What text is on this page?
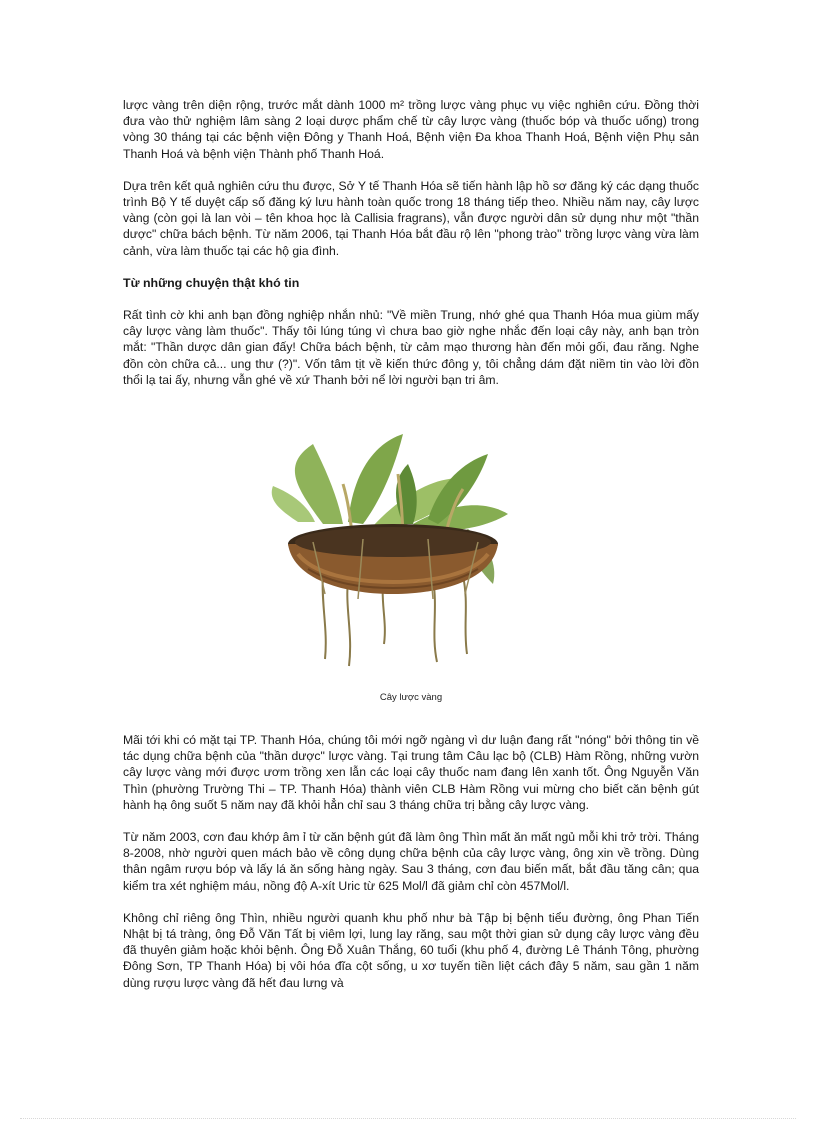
lược vàng trên diện rộng, trước mắt dành 1000 m² trồng lược vàng phục vụ việc nghiên cứu. Đồng thời đưa vào thử nghiệm lâm sàng 2 loại dược phẩm chế từ cây lược vàng (thuốc bóp và thuốc uống) trong vòng 30 tháng tại các bệnh viện Đông y Thanh Hoá, Bệnh viện Đa khoa Thanh Hoá, Bệnh viện Phụ sản Thanh Hoá và bệnh viện Thành phố Thanh Hoá.

Dựa trên kết quả nghiên cứu thu được, Sở Y tế Thanh Hóa sẽ tiến hành lập hồ sơ đăng ký các dạng thuốc trình Bộ Y tế duyệt cấp số đăng ký lưu hành toàn quốc trong 18 tháng tiếp theo. Nhiều năm nay, cây lược vàng (còn gọi là lan vòi – tên khoa học là Callisia fragrans), vẫn được người dân sử dụng như một "thần dược" chữa bách bệnh. Từ năm 2006, tại Thanh Hóa bắt đầu rộ lên "phong trào" trồng lược vàng vừa làm cảnh, vừa làm thuốc tại các hộ gia đình.

Từ những chuyện thật khó tin

Rất tình cờ khi anh bạn đồng nghiệp nhắn nhủ: "Về miền Trung, nhớ ghé qua Thanh Hóa mua giùm mấy cây lược vàng làm thuốc". Thấy tôi lúng túng vì chưa bao giờ nghe nhắc đến loại cây này, anh bạn tròn mắt: "Thần dược dân gian đấy! Chữa bách bệnh, từ cảm mạo thương hàn đến mỏi gối, đau răng. Nghe đồn còn chữa cả... ung thư (?)". Vốn tâm tịt về kiến thức đông y, tôi chẳng dám đặt niềm tin vào lời đồn thổi lạ tai ấy, nhưng vẫn ghé về xứ Thanh bởi nể lời người bạn tri âm.

Cây lược vàng

Mãi tới khi có mặt tại TP. Thanh Hóa, chúng tôi mới ngỡ ngàng vì dư luận đang rất "nóng" bởi thông tin về tác dụng chữa bệnh của "thần dược" lược vàng. Tại trung tâm Câu lạc bộ (CLB) Hàm Rồng, những vườn cây lược vàng mới được ươm trồng xen lẫn các loại cây thuốc nam đang lên xanh tốt. Ông Nguyễn Văn Thìn (phường Trường Thi – TP. Thanh Hóa) thành viên CLB Hàm Rồng vui mừng cho biết căn bệnh gút hành hạ ông suốt 5 năm nay đã khỏi hẳn chỉ sau 3 tháng chữa trị bằng cây lược vàng.

Từ năm 2003, cơn đau khớp âm ỉ từ căn bệnh gút đã làm ông Thìn mất ăn mất ngủ mỗi khi trở trời. Tháng 8-2008, nhờ người quen mách bảo về công dụng chữa bệnh của cây lược vàng, ông xin về trồng. Dùng thân ngâm rượu bóp và lấy lá ăn sống hàng ngày. Sau 3 tháng, cơn đau biến mất, bắt đầu tăng cân; qua kiểm tra xét nghiệm máu, nồng độ A-xít Uric từ 625 Mol/l đã giảm chỉ còn 457Mol/l.

Không chỉ riêng ông Thìn, nhiều người quanh khu phố như bà Tập bị bệnh tiểu đường, ông Phan Tiến Nhật bị tá tràng, ông Đỗ Văn Tất bị viêm lợi, lung lay răng, sau một thời gian sử dụng cây lược vàng đều đã thuyên giảm hoặc khỏi bệnh. Ông Đỗ Xuân Thắng, 60 tuổi (khu phố 4, đường Lê Thánh Tông, phường Đông Sơn, TP Thanh Hóa) bị vôi hóa đĩa cột sống, u xơ tuyến tiền liệt cách đây 5 năm, sau gần 1 năm dùng rượu lược vàng đã hết đau lưng và
